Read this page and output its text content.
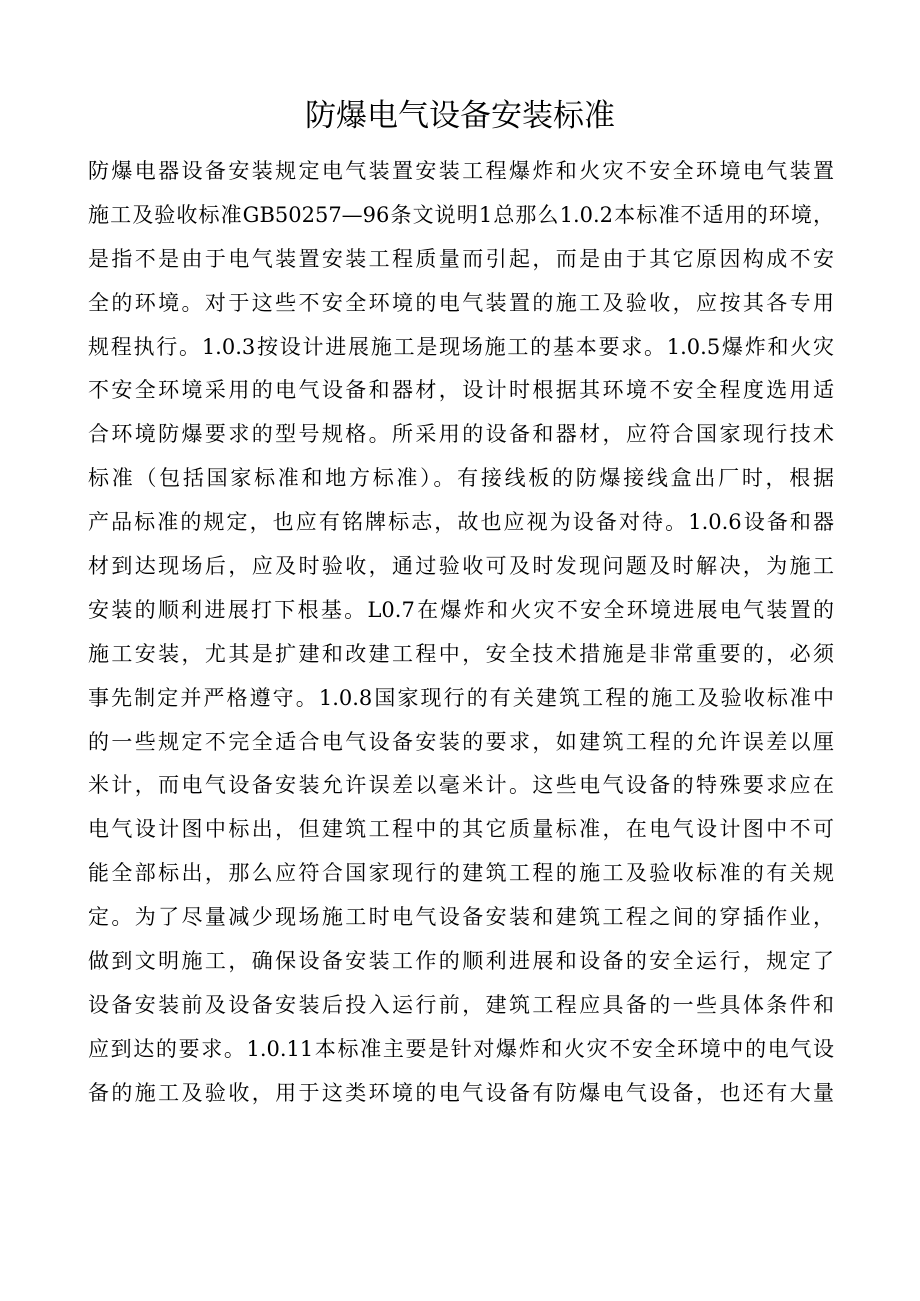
防爆电气设备安装标准
防爆电器设备安装规定电气装置安装工程爆炸和火灾不安全环境电气装置
施工及验收标准GB50257—96条文说明1总那么1.0.2本标准不适用的环境，
是指不是由于电气装置安装工程质量而引起，而是由于其它原因构成不安
全的环境。对于这些不安全环境的电气装置的施工及验收，应按其各专用
规程执行。1.0.3按设计进展施工是现场施工的基本要求。1.0.5爆炸和火灾
不安全环境采用的电气设备和器材，设计时根据其环境不安全程度选用适
合环境防爆要求的型号规格。所采用的设备和器材，应符合国家现行技术
标准（包括国家标准和地方标准）。有接线板的防爆接线盒出厂时，根据
产品标准的规定，也应有铭牌标志，故也应视为设备对待。1.0.6设备和器
材到达现场后，应及时验收，通过验收可及时发现问题及时解决，为施工
安装的顺利进展打下根基。L0.7在爆炸和火灾不安全环境进展电气装置的
施工安装，尤其是扩建和改建工程中，安全技术措施是非常重要的，必须
事先制定并严格遵守。1.0.8国家现行的有关建筑工程的施工及验收标准中
的一些规定不完全适合电气设备安装的要求，如建筑工程的允许误差以厘
米计，而电气设备安装允许误差以毫米计。这些电气设备的特殊要求应在
电气设计图中标出，但建筑工程中的其它质量标准，在电气设计图中不可
能全部标出，那么应符合国家现行的建筑工程的施工及验收标准的有关规
定。为了尽量减少现场施工时电气设备安装和建筑工程之间的穿插作业，
做到文明施工，确保设备安装工作的顺利进展和设备的安全运行，规定了
设备安装前及设备安装后投入运行前，建筑工程应具备的一些具体条件和
应到达的要求。1.0.11本标准主要是针对爆炸和火灾不安全环境中的电气设
备的施工及验收，用于这类环境的电气设备有防爆电气设备，也还有大量
